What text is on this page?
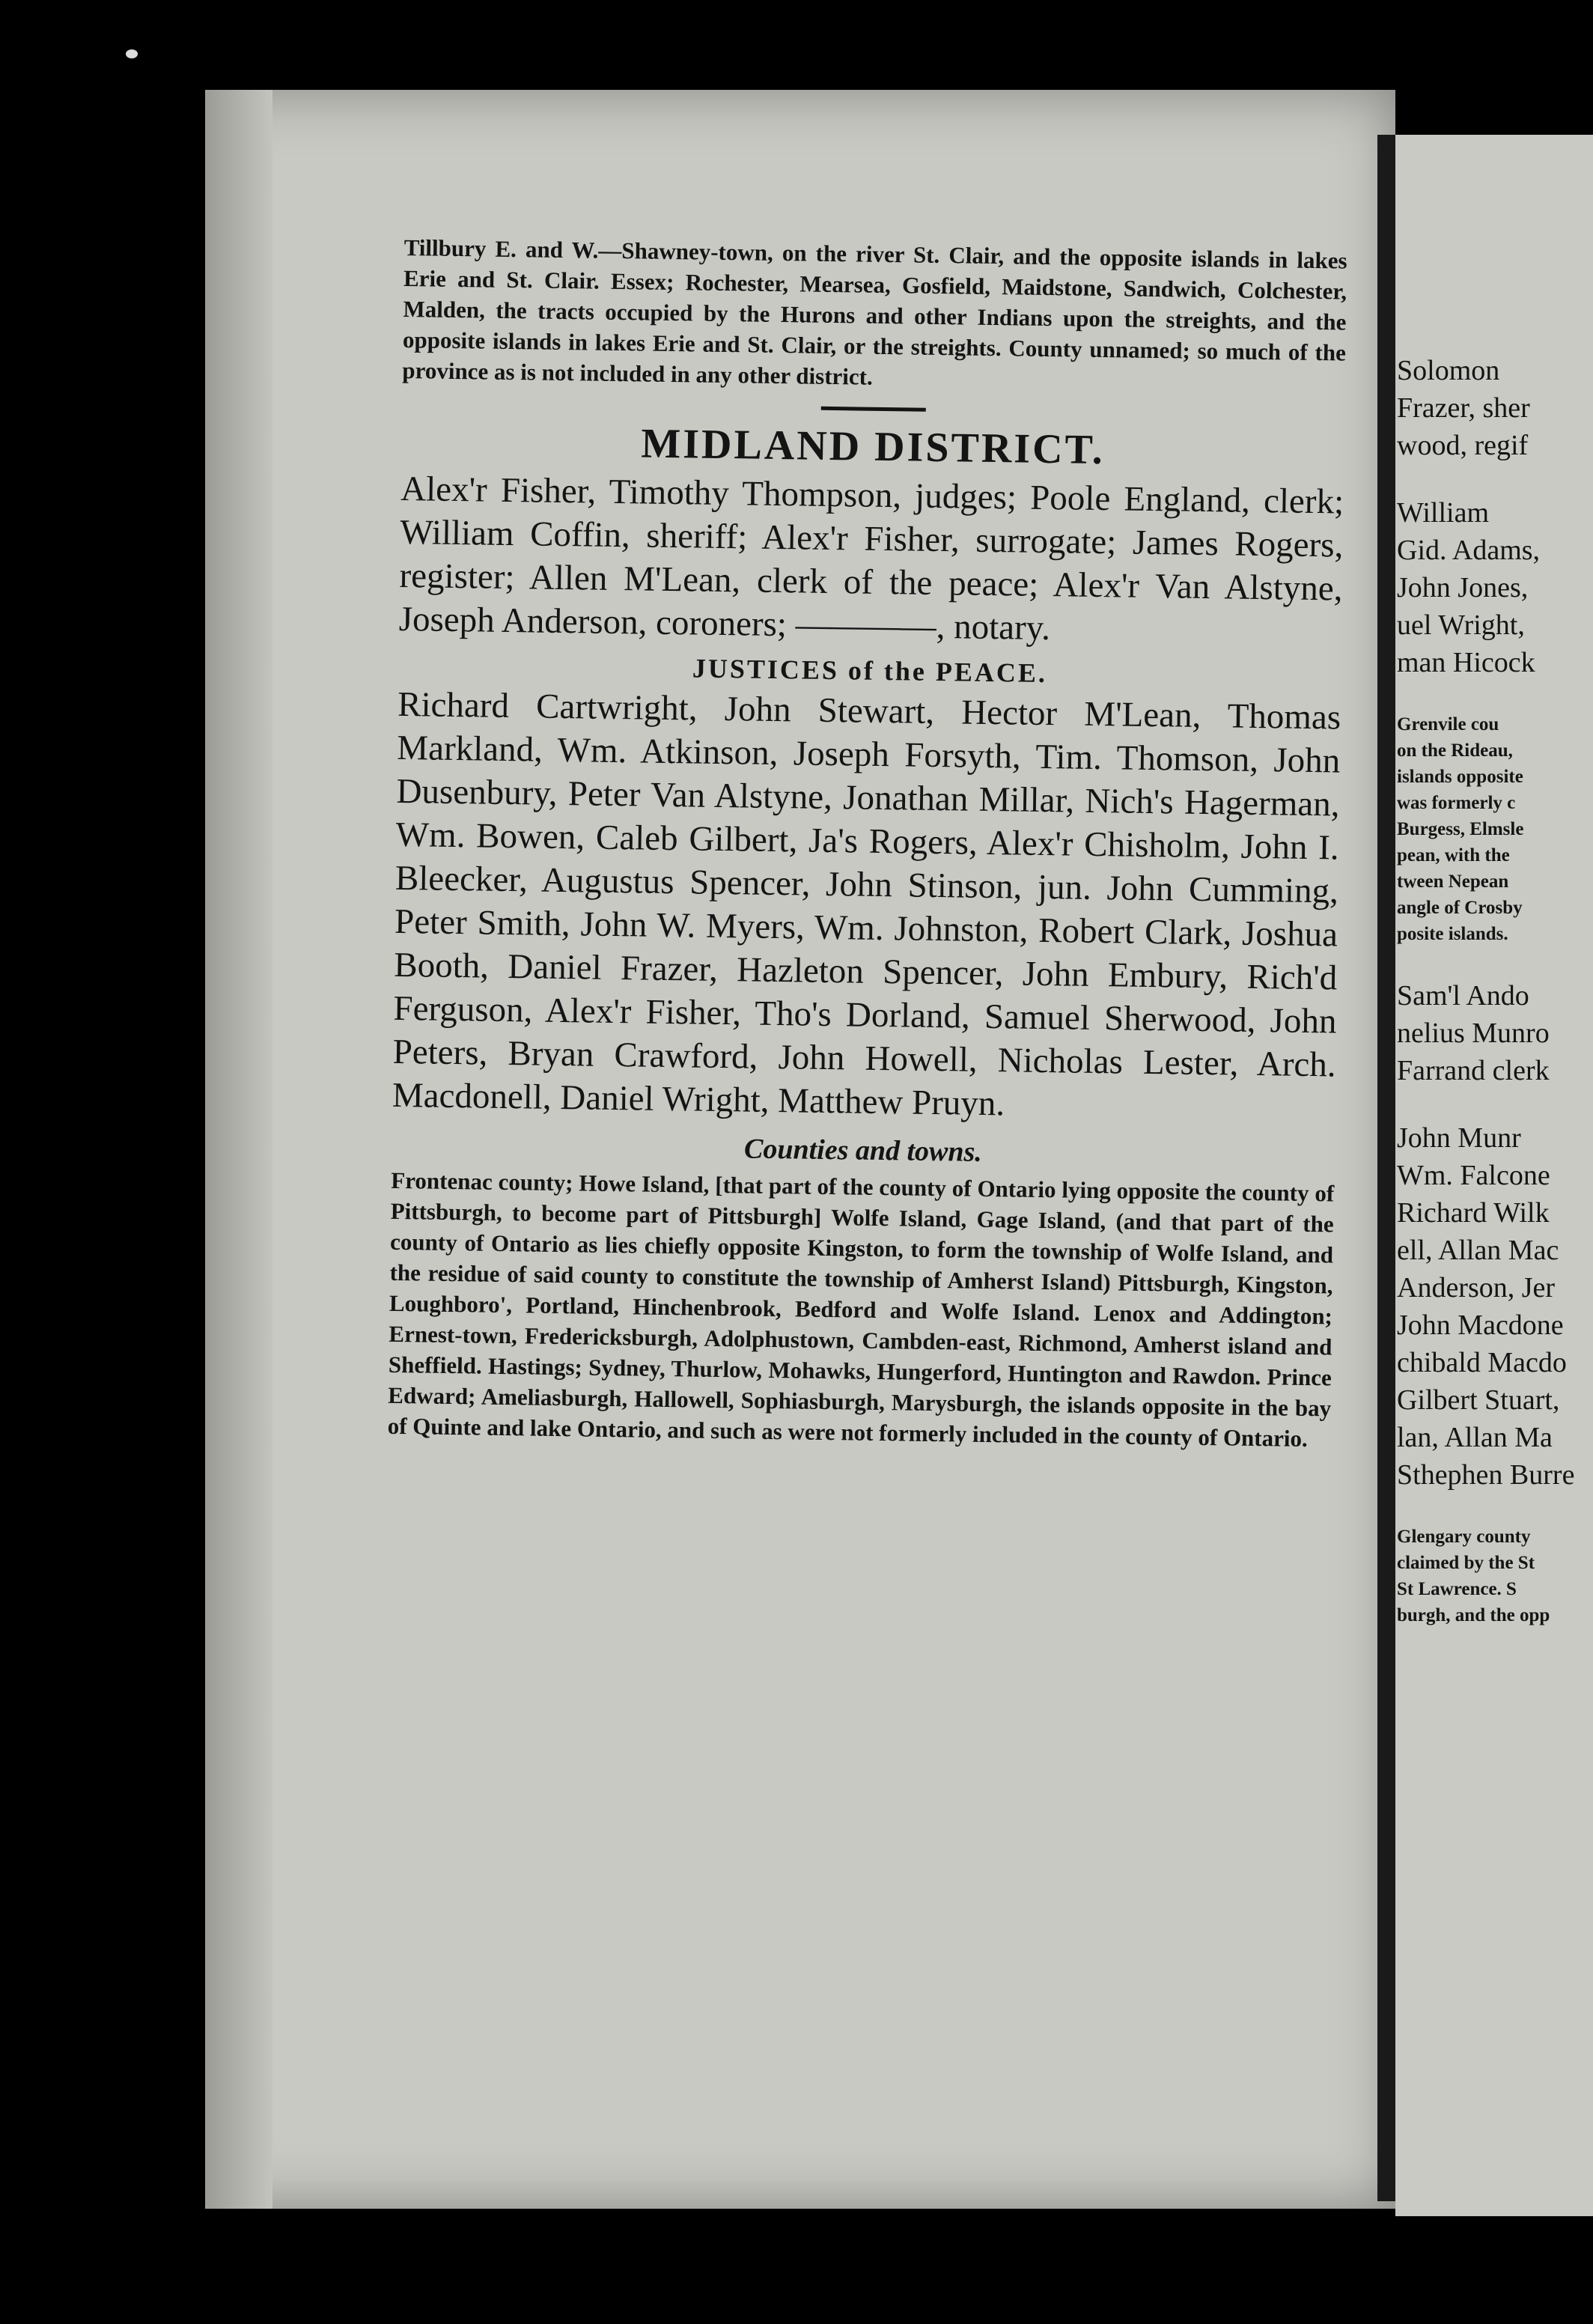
Tillbury E. and W.—Shawney-town, on the river St. Clair, and the opposite islands in lakes Erie and St. Clair. Essex; Rochester, Mearsea, Gosfield, Maidstone, Sandwich, Colchester, Malden, the tracts occupied by the Hurons and other Indians upon the streights, and the opposite islands in lakes Erie and St. Clair, or the streights. County unnamed; so much of the province as is not included in any other district.

MIDLAND DISTRICT.

Alex'r Fisher, Timothy Thompson, judges; Poole England, clerk; William Coffin, sheriff; Alex'r Fisher, surrogate; James Rogers, register; Allen M'Lean, clerk of the peace; Alex'r Van Alstyne, Joseph Anderson, coroners; ————, notary.

JUSTICES of the PEACE.

Richard Cartwright, John Stewart, Hector M'Lean, Thomas Markland, Wm. Atkinson, Joseph Forsyth, Tim. Thomson, John Dusenbury, Peter Van Alstyne, Jonathan Millar, Nich's Hagerman, Wm. Bowen, Caleb Gilbert, Ja's Rogers, Alex'r Chisholm, John I. Bleecker, Augustus Spencer, John Stinson, jun. John Cumming, Peter Smith, John W. Myers, Wm. Johnston, Robert Clark, Joshua Booth, Daniel Frazer, Hazleton Spencer, John Embury, Rich'd Ferguson, Alex'r Fisher, Tho's Dorland, Samuel Sherwood, John Peters, Bryan Crawford, John Howell, Nicholas Lester, Arch. Macdonell, Daniel Wright, Matthew Pruyn.

Counties and towns.

Frontenac county; Howe Island, [that part of the county of Ontario lying opposite the county of Pittsburgh, to become part of Pittsburgh] Wolfe Island, Gage Island, (and that part of the county of Ontario as lies chiefly opposite Kingston, to form the township of Wolfe Island, and the residue of said county to constitute the township of Amherst Island) Pittsburgh, Kingston, Loughboro', Portland, Hinchenbrook, Bedford and Wolfe Island. Lenox and Addington; Ernest-town, Fredericksburgh, Adolphustown, Cambden-east, Richmond, Amherst island and Sheffield. Hastings; Sydney, Thurlow, Mohawks, Hungerford, Huntington and Rawdon. Prince Edward; Ameliasburgh, Hallowell, Sophiasburgh, Marysburgh, the islands opposite in the bay of Quinte and lake Ontario, and such as were not formerly included in the county of Ontario.

Solomon

Frazer, sher

wood, regif

William

Gid. Adams,

John Jones,

uel Wright,

man Hicock

Grenvile cou

on the Rideau,

islands opposite

was formerly c

Burgess, Elmsle

pean, with the

tween Nepean

angle of Crosby

posite islands.

Sam'l Ando

nelius Munro

Farrand clerk

John Munr

Wm. Falcone

Richard Wilk

ell, Allan Mac

Anderson, Jer

John Macdone

chibald Macdo

Gilbert Stuart,

lan, Allan Ma

Sthephen Burre

Glengary county

claimed by the St

St Lawrence. S

burgh, and the opp
